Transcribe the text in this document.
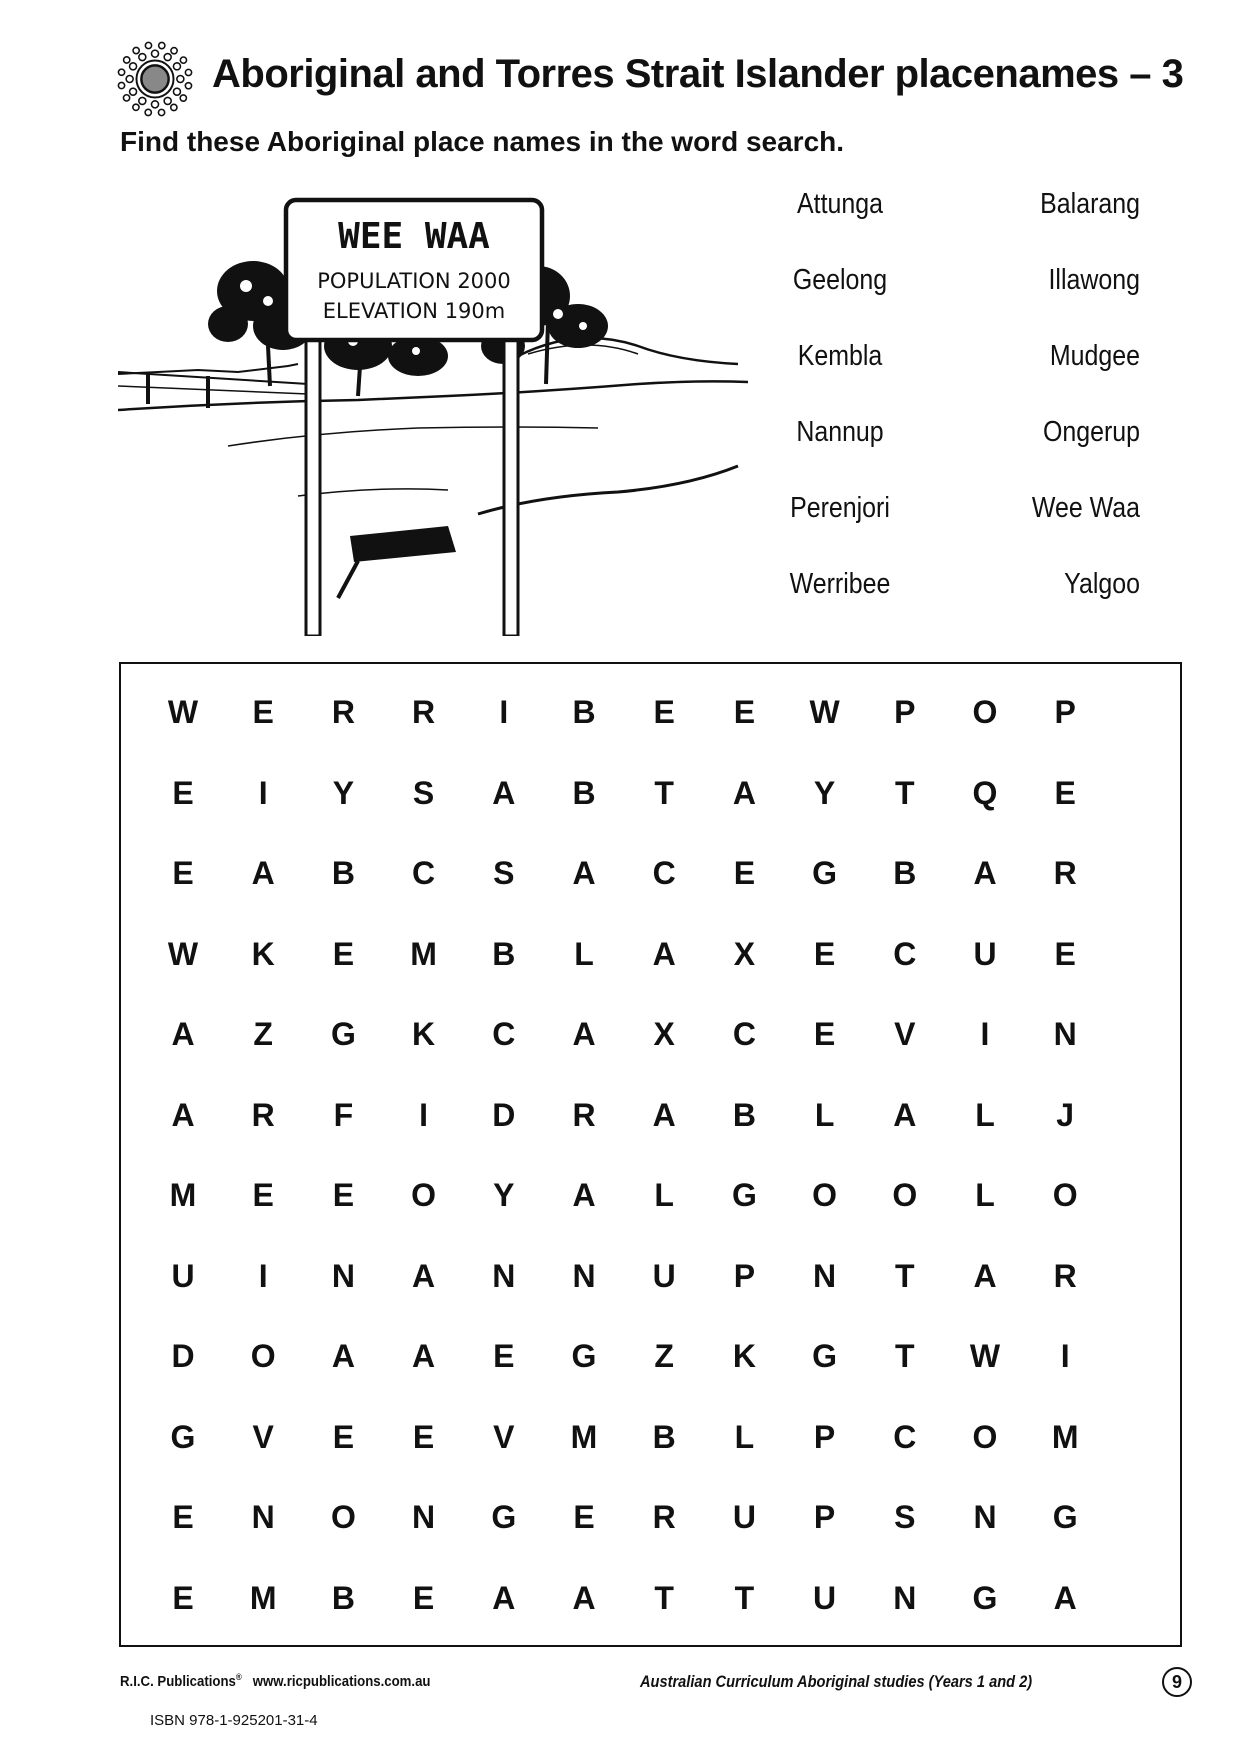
Aboriginal and Torres Strait Islander placenames – 3
Find these Aboriginal place names in the word search.
WEE WAA
POPULATION 2000
ELEVATION 190m
Attunga
Geelong
Kembla
Nannup
Perenjori
Werribee
Balarang
Illawong
Mudgee
Ongerup
Wee Waa
Yalgoo
W	E	R	R	I	B	E	E	W	P	O	P
E	I	Y	S	A	B	T	A	Y	T	Q	E
E	A	B	C	S	A	C	E	G	B	A	R
W	K	E	M	B	L	A	X	E	C	U	E
A	Z	G	K	C	A	X	C	E	V	I	N
A	R	F	I	D	R	A	B	L	A	L	J
M	E	E	O	Y	A	L	G	O	O	L	O
U	I	N	A	N	N	U	P	N	T	A	R
D	O	A	A	E	G	Z	K	G	T	W	I
G	V	E	E	V	M	B	L	P	C	O	M
E	N	O	N	G	E	R	U	P	S	N	G
E	M	B	E	A	A	T	T	U	N	G	A
R.I.C. Publications® www.ricpublications.com.au	Australian Curriculum Aboriginal studies (Years 1 and 2)	9
ISBN 978-1-925201-31-4
